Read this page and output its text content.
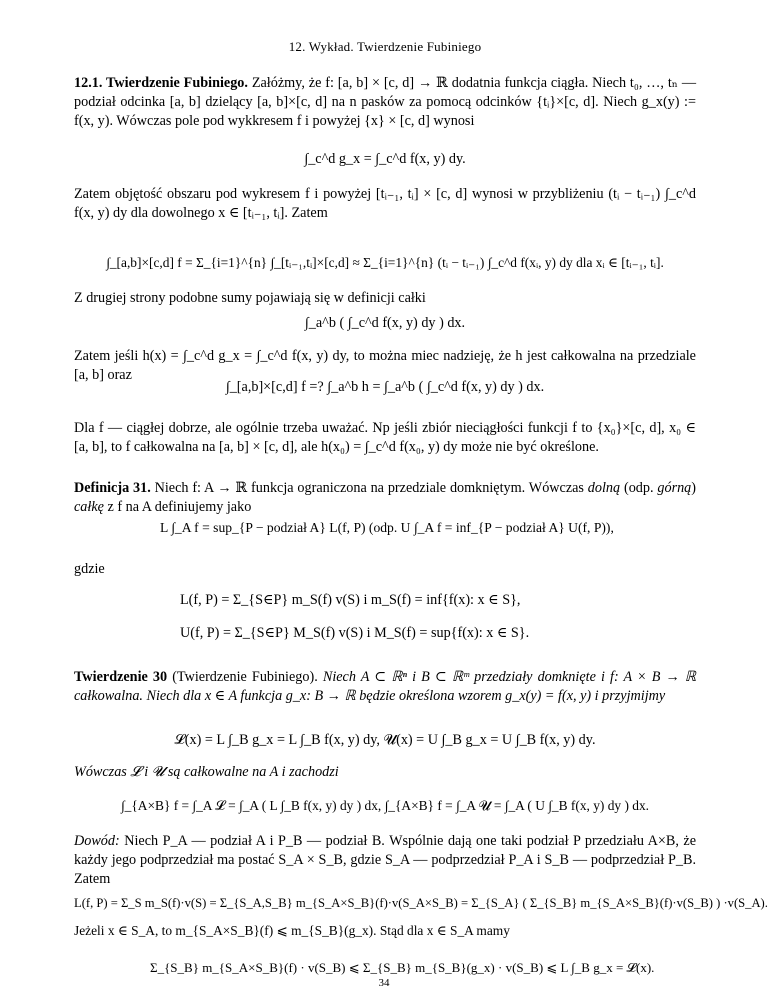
12. Wykład. Twierdzenie Fubiniego

12.1. Twierdzenie Fubiniego. Załóżmy, że f: [a, b] × [c, d] → ℝ dodatnia funkcja ciągła. Niech t₀, …, tₙ — podział odcinka [a, b] dzielący [a, b]×[c, d] na n pasków za pomocą odcinków {tᵢ}×[c, d]. Niech g_x(y) := f(x, y). Wówczas pole pod wykkresem f i powyżej {x} × [c, d] wynosi

∫_c^d g_x = ∫_c^d f(x, y) dy.

Zatem objętość obszaru pod wykresem f i powyżej [tᵢ₋₁, tᵢ] × [c, d] wynosi w przybliżeniu (tᵢ − tᵢ₋₁) ∫_c^d f(x, y) dy dla dowolnego x ∈ [tᵢ₋₁, tᵢ]. Zatem

∫_[a,b]×[c,d] f = Σ_{i=1}^{n} ∫_[tᵢ₋₁,tᵢ]×[c,d] ≈ Σ_{i=1}^{n} (tᵢ − tᵢ₋₁) ∫_c^d f(xᵢ, y) dy dla xᵢ ∈ [tᵢ₋₁, tᵢ].

Z drugiej strony podobne sumy pojawiają się w definicji całki

∫_a^b ( ∫_c^d f(x, y) dy ) dx.

Zatem jeśli h(x) = ∫_c^d g_x = ∫_c^d f(x, y) dy, to można miec nadzieję, że h jest całkowalna na przedziale [a, b] oraz

∫_[a,b]×[c,d] f =? ∫_a^b h = ∫_a^b ( ∫_c^d f(x, y) dy ) dx.

Dla f — ciągłej dobrze, ale ogólnie trzeba uważać. Np jeśli zbiór nieciągłości funkcji f to {x₀}×[c, d], x₀ ∈ [a, b], to f całkowalna na [a, b] × [c, d], ale h(x₀) = ∫_c^d f(x₀, y) dy może nie być określone.

Definicja 31. Niech f: A → ℝ funkcja ograniczona na przedziale domkniętym. Wówczas dolną (odp. górną) całkę z f na A definiujemy jako

L ∫_A f = sup_{P − podział A} L(f, P) (odp. U ∫_A f = inf_{P − podział A} U(f, P)),

gdzie

L(f, P) = Σ_{S∈P} m_S(f) v(S) i m_S(f) = inf{f(x): x ∈ S},

U(f, P) = Σ_{S∈P} M_S(f) v(S) i M_S(f) = sup{f(x): x ∈ S}.

Twierdzenie 30 (Twierdzenie Fubiniego). Niech A ⊂ ℝⁿ i B ⊂ ℝᵐ przedziały domknięte i f: A × B → ℝ całkowalna. Niech dla x ∈ A funkcja g_x: B → ℝ będzie określona wzorem g_x(y) = f(x, y) i przyjmijmy

𝓛(x) = L ∫_B g_x = L ∫_B f(x, y) dy, 𝓤(x) = U ∫_B g_x = U ∫_B f(x, y) dy.

Wówczas 𝓛 i 𝓤 są całkowalne na A i zachodzi

∫_{A×B} f = ∫_A 𝓛 = ∫_A ( L ∫_B f(x, y) dy ) dx, ∫_{A×B} f = ∫_A 𝓤 = ∫_A ( U ∫_B f(x, y) dy ) dx.

Dowód: Niech P_A — podział A i P_B — podział B. Wspólnie dają one taki podział P przedziału A×B, że każdy jego podprzedział ma postać S_A × S_B, gdzie S_A — podprzedział P_A i S_B — podprzedział P_B. Zatem

L(f, P) = Σ_S m_S(f)·v(S) = Σ_{S_A,S_B} m_{S_A×S_B}(f)·v(S_A×S_B) = Σ_{S_A} ( Σ_{S_B} m_{S_A×S_B}(f)·v(S_B) ) ·v(S_A).

Jeżeli x ∈ S_A, to m_{S_A×S_B}(f) ⩽ m_{S_B}(g_x). Stąd dla x ∈ S_A mamy

Σ_{S_B} m_{S_A×S_B}(f) · v(S_B) ⩽ Σ_{S_B} m_{S_B}(g_x) · v(S_B) ⩽ L ∫_B g_x = 𝓛(x).

34
